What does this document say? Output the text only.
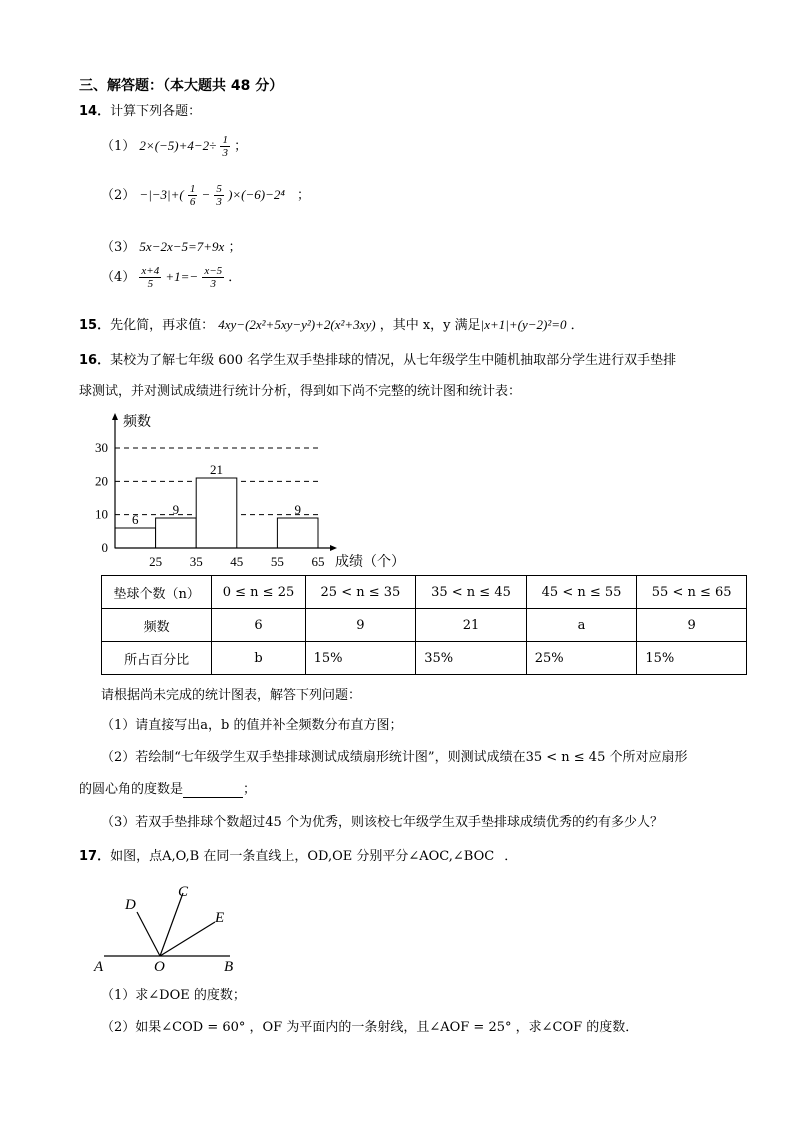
三、解答题：（本大题共 48 分）
14．计算下列各题：
（1） $2\times(-5)+4-2\div \frac{1}{3}$ ；
$(2) -|-3|+( \frac{1}{6} - \frac{5}{3} )\times(-6)-2^4$ ；
（3） 5x−2x−5=7+9x ；
$(4) \frac{x+4}{5} +1=- \frac{x-5}{3}$ ．
15．先化简，再求值： 4xy−(2x²+5xy−y²)+2(x²+3xy) ，其中 x，y 满足|x+1|+(y−2)²=0 ．
16．某校为了解七年级 600 名学生双手垫排球的情况，从七年级学生中随机抽取部分学生进行双手垫排
球测试，并对测试成绩进行统计分析，得到如下尚不完整的统计图和统计表：
频数
成绩（个）
6
9
21
9
0
10
20
30
25 35 45 55 65
垫球个数（n）	0 ≤ n ≤ 25	25 < n ≤ 35	35 < n ≤ 45	45 < n ≤ 55	55 < n ≤ 65
频数	6	9	21	a	9
所占百分比	b	15%	35%	25%	15%
请根据尚未完成的统计图表，解答下列问题：
（1）请直接写出a，b 的值并补全频数分布直方图；
（2）若绘制“七年级学生双手垫排球测试成绩扇形统计图”，则测试成绩在35 < n ≤ 45 个所对应扇形
的圆心角的度数是	；
（3）若双手垫排球个数超过45 个为优秀，则该校七年级学生双手垫排球成绩优秀的约有多少人？
17．如图，点A,O,B 在同一条直线上，OD,OE 分别平分∠AOC,∠BOC ．
A	O	B
C
D
E
（1）求∠DOE 的度数；
（2）如果∠COD = 60° ，OF 为平面内的一条射线，且∠AOF = 25° ，求∠COF 的度数．
